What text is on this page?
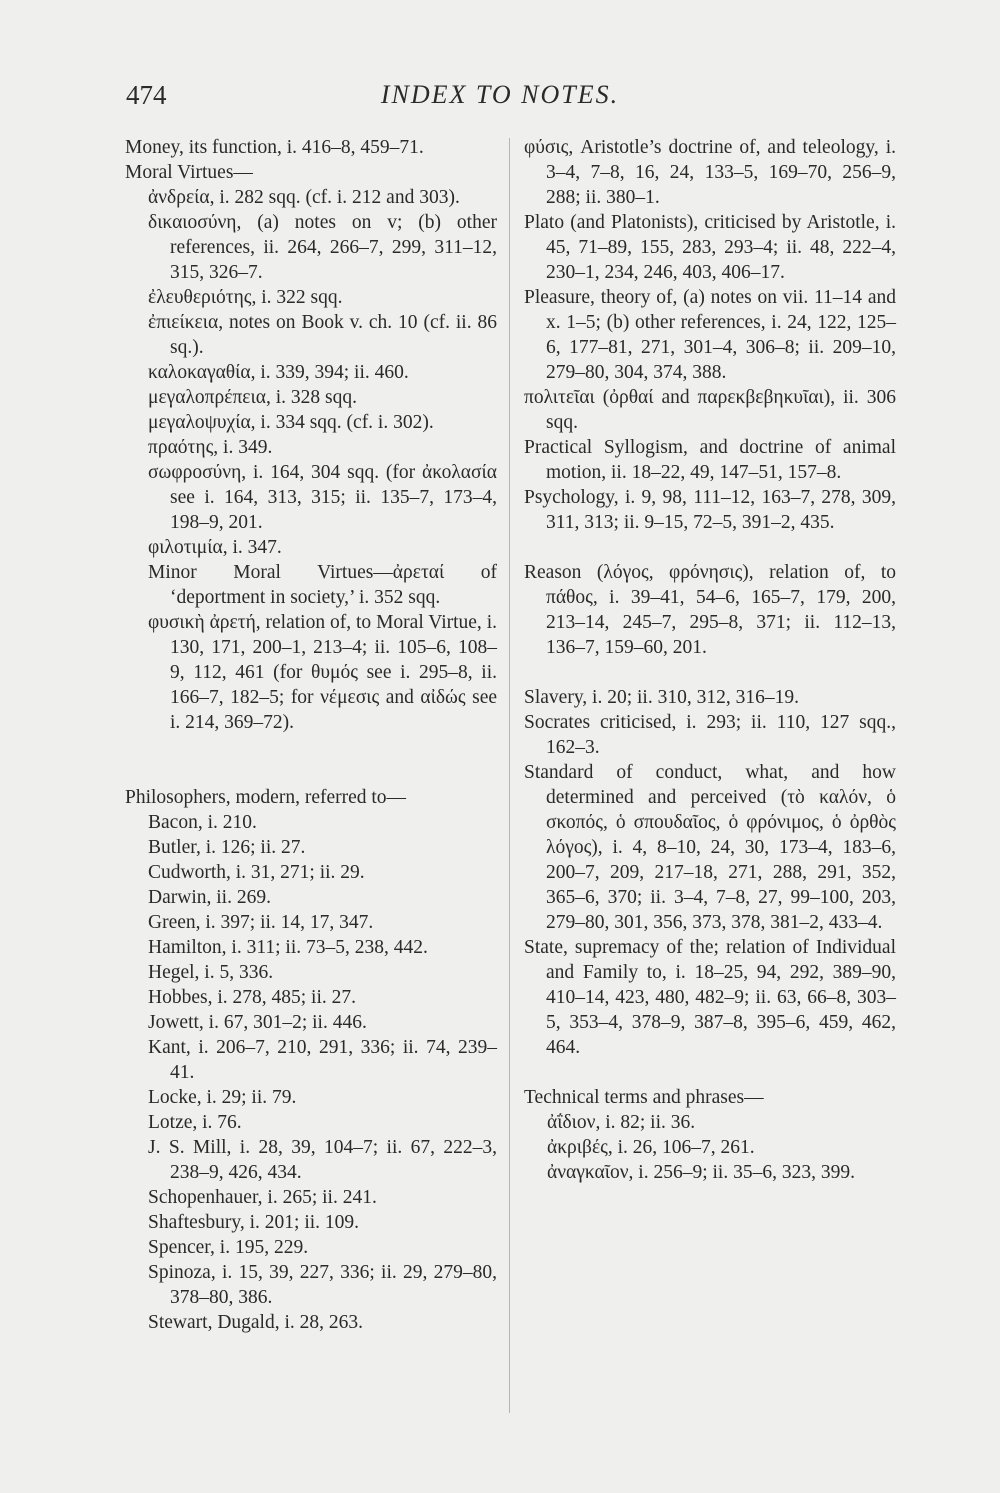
474	INDEX TO NOTES.
Money, its function, i. 416–8, 459–71.
Moral Virtues—
ἀνδρεία, i. 282 sqq. (cf. i. 212 and 303).
δικαιοσύνη, (a) notes on v; (b) other references, ii. 264, 266–7, 299, 311–12, 315, 326–7.
ἐλευθεριότης, i. 322 sqq.
ἐπιείκεια, notes on Book v. ch. 10 (cf. ii. 86 sq.).
καλοκαγαθία, i. 339, 394; ii. 460.
μεγαλοπρέπεια, i. 328 sqq.
μεγαλοψυχία, i. 334 sqq. (cf. i. 302).
πραότης, i. 349.
σωφροσύνη, i. 164, 304 sqq. (for ἀκολασία see i. 164, 313, 315; ii. 135–7, 173–4, 198–9, 201.
φιλοτιμία, i. 347.
Minor Moral Virtues—ἀρεταί of ‘deportment in society,’ i. 352 sqq.
φυσικὴ ἀρετή, relation of, to Moral Virtue, i. 130, 171, 200–1, 213–4; ii. 105–6, 108–9, 112, 461 (for θυμός see i. 295–8, ii. 166–7, 182–5; for νέμεσις and αἰδώς see i. 214, 369–72).
Philosophers, modern, referred to—
Bacon, i. 210.
Butler, i. 126; ii. 27.
Cudworth, i. 31, 271; ii. 29.
Darwin, ii. 269.
Green, i. 397; ii. 14, 17, 347.
Hamilton, i. 311; ii. 73–5, 238, 442.
Hegel, i. 5, 336.
Hobbes, i. 278, 485; ii. 27.
Jowett, i. 67, 301–2; ii. 446.
Kant, i. 206–7, 210, 291, 336; ii. 74, 239–41.
Locke, i. 29; ii. 79.
Lotze, i. 76.
J. S. Mill, i. 28, 39, 104–7; ii. 67, 222–3, 238–9, 426, 434.
Schopenhauer, i. 265; ii. 241.
Shaftesbury, i. 201; ii. 109.
Spencer, i. 195, 229.
Spinoza, i. 15, 39, 227, 336; ii. 29, 279–80, 378–80, 386.
Stewart, Dugald, i. 28, 263.
φύσις, Aristotle’s doctrine of, and teleology, i. 3–4, 7–8, 16, 24, 133–5, 169–70, 256–9, 288; ii. 380–1.
Plato (and Platonists), criticised by Aristotle, i. 45, 71–89, 155, 283, 293–4; ii. 48, 222–4, 230–1, 234, 246, 403, 406–17.
Pleasure, theory of, (a) notes on vii. 11–14 and x. 1–5; (b) other references, i. 24, 122, 125–6, 177–81, 271, 301–4, 306–8; ii. 209–10, 279–80, 304, 374, 388.
πολιτεῖαι (ὀρθαί and παρεκβεβηκυῖαι), ii. 306 sqq.
Practical Syllogism, and doctrine of animal motion, ii. 18–22, 49, 147–51, 157–8.
Psychology, i. 9, 98, 111–12, 163–7, 278, 309, 311, 313; ii. 9–15, 72–5, 391–2, 435.
Reason (λόγος, φρόνησις), relation of, to πάθος, i. 39–41, 54–6, 165–7, 179, 200, 213–14, 245–7, 295–8, 371; ii. 112–13, 136–7, 159–60, 201.
Slavery, i. 20; ii. 310, 312, 316–19.
Socrates criticised, i. 293; ii. 110, 127 sqq., 162–3.
Standard of conduct, what, and how determined and perceived (τὸ καλόν, ὁ σκοπός, ὁ σπουδαῖος, ὁ φρόνιμος, ὁ ὀρθὸς λόγος), i. 4, 8–10, 24, 30, 173–4, 183–6, 200–7, 209, 217–18, 271, 288, 291, 352, 365–6, 370; ii. 3–4, 7–8, 27, 99–100, 203, 279–80, 301, 356, 373, 378, 381–2, 433–4.
State, supremacy of the; relation of Individual and Family to, i. 18–25, 94, 292, 389–90, 410–14, 423, 480, 482–9; ii. 63, 66–8, 303–5, 353–4, 378–9, 387–8, 395–6, 459, 462, 464.
Technical terms and phrases—
ἀΐδιον, i. 82; ii. 36.
ἀκριβές, i. 26, 106–7, 261.
ἀναγκαῖον, i. 256–9; ii. 35–6, 323, 399.
